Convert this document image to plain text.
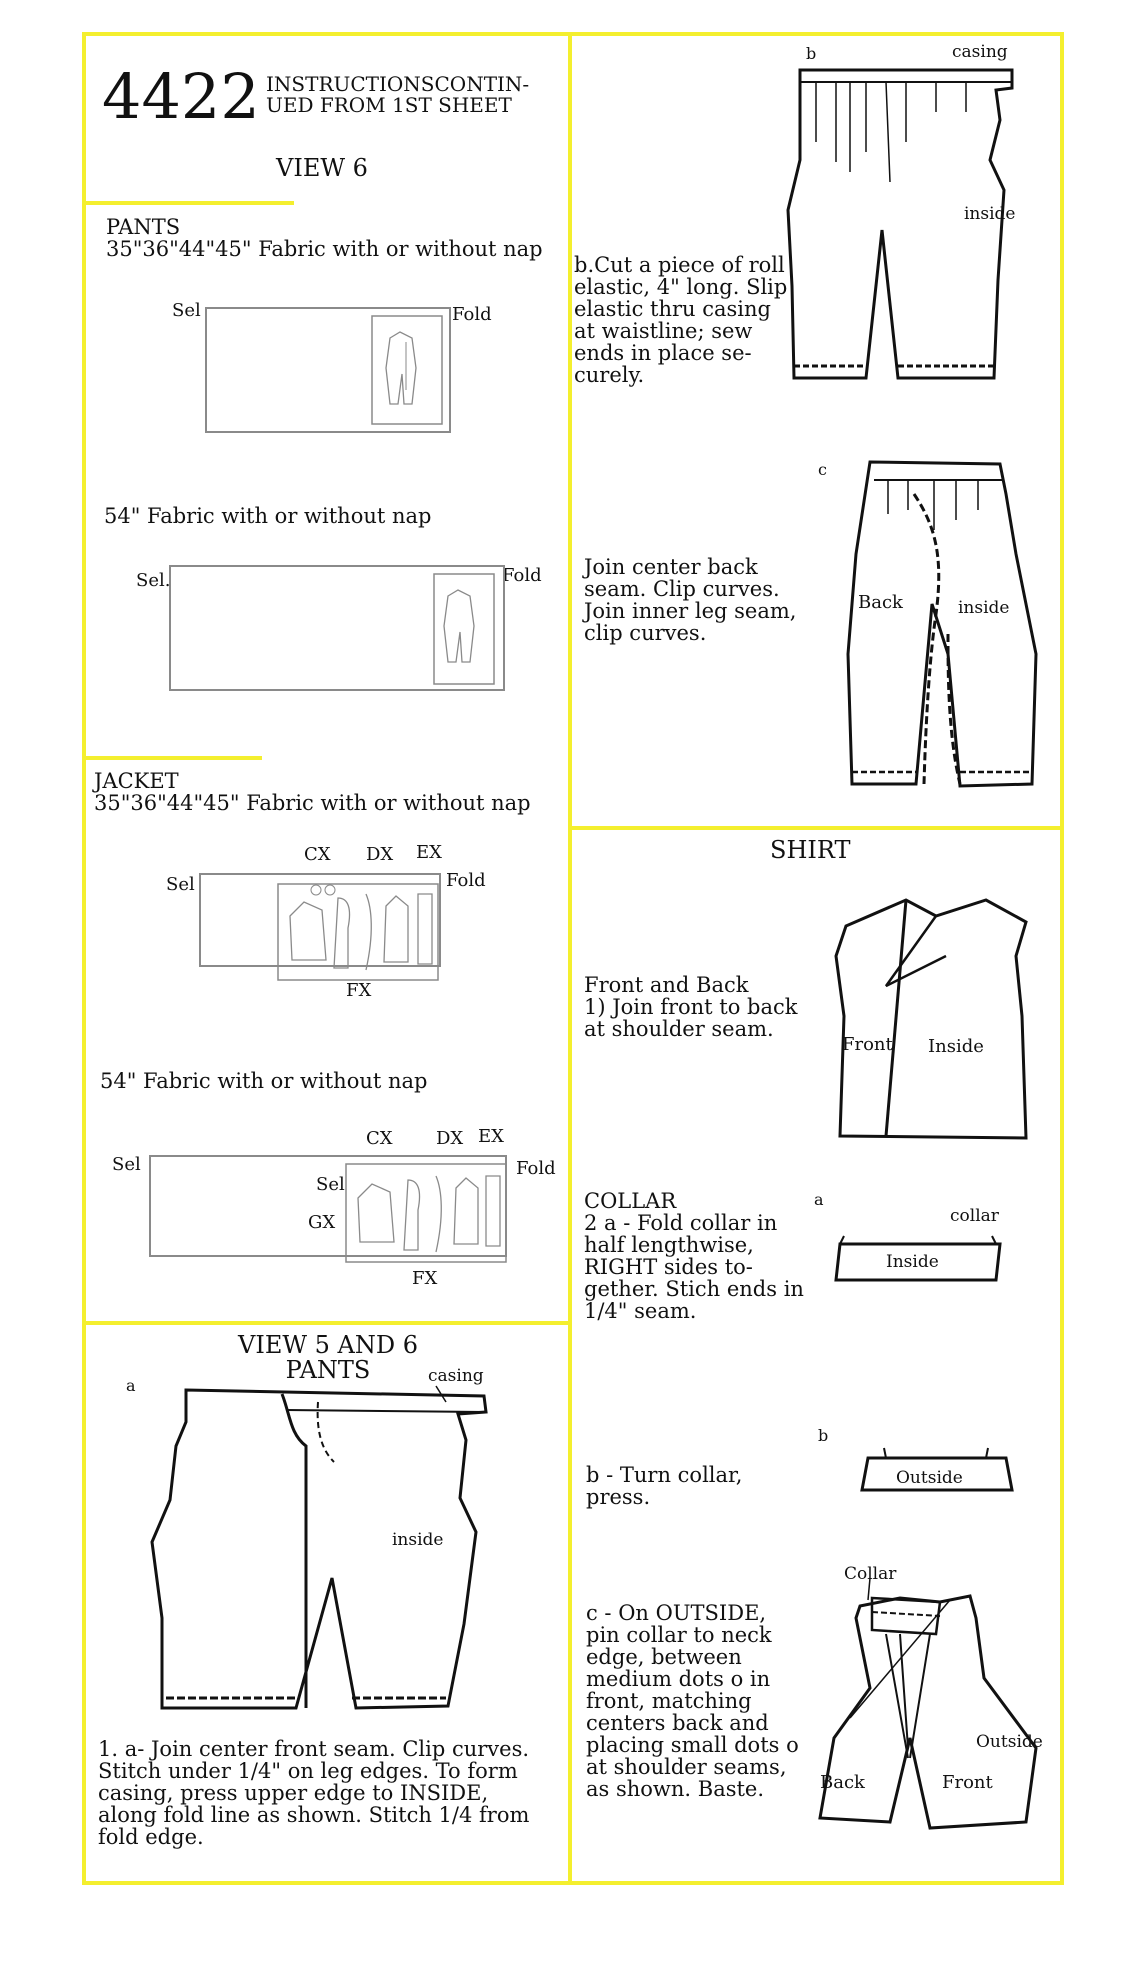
4422 INSTRUCTIONSCONTIN-
UED FROM 1ST SHEET
VIEW 6
PANTS
35"36"44"45" Fabric with or without nap
Sel	Fold
54" Fabric with or without nap
Sel.	Fold
JACKET
35"36"44"45" Fabric with or without nap
Sel
CX DX EX
Fold
FX
54" Fabric with or without nap
Sel
CX DX EX
Fold
Sel
GX
FX
VIEW 5 AND 6
PANTS
a	casing
inside
1. a- Join center front seam. Clip curves.
Stitch under 1/4" on leg edges. To form
casing, press upper edge to INSIDE,
along fold line as shown. Stitch 1/4 from
fold edge.
b	casing
inside
b.Cut a piece of roll
elastic, 4" long. Slip
elastic thru casing
at waistline; sew
ends in place se-
curely.
c
Back	inside
Join center back
seam. Clip curves.
Join inner leg seam,
clip curves.
SHIRT
Front and Back
1) Join front to back
at shoulder seam.
Front Inside
COLLAR
2 a - Fold collar in
half lengthwise,
RIGHT sides to-
gether. Stich ends in
1/4" seam.
a
collar
Inside
b
Outside
b - Turn collar,
press.
c - On OUTSIDE,
pin collar to neck
edge, between
medium dots o in
front, matching
centers back and
placing small dots o
at shoulder seams,
as shown. Baste.
Collar
Outside
Back	Front
